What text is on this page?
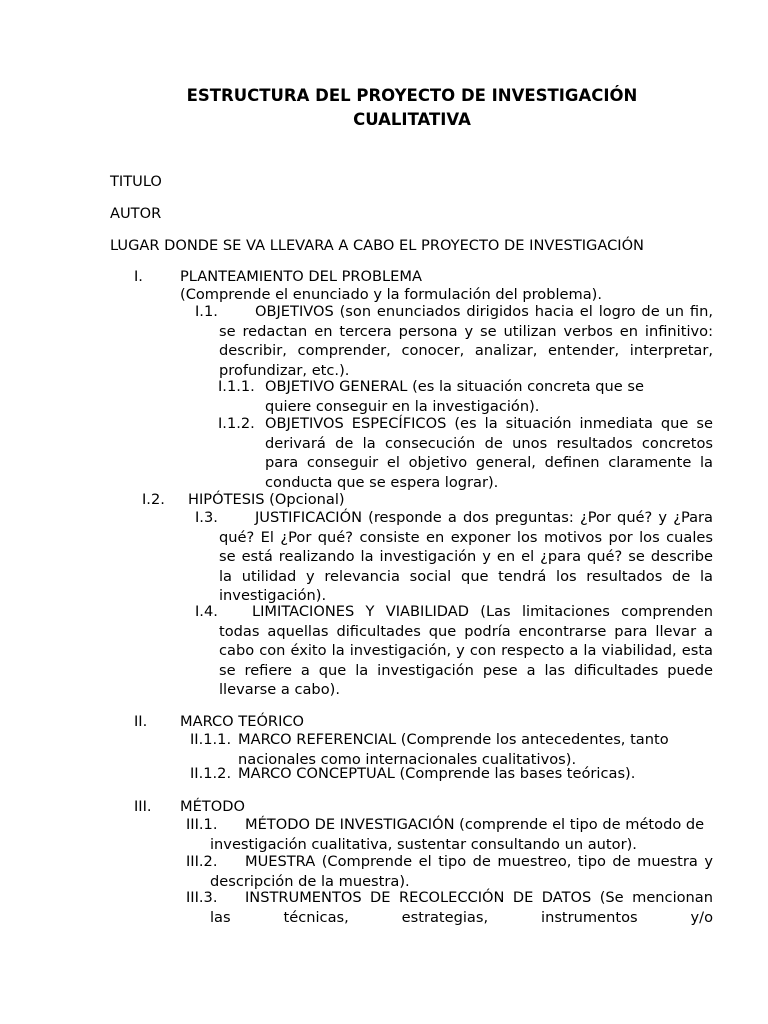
ESTRUCTURA DEL PROYECTO DE INVESTIGACIÓN
CUALITATIVA
TITULO
AUTOR
LUGAR DONDE SE VA LLEVARA A CABO EL PROYECTO DE INVESTIGACIÓN
I.	PLANTEAMIENTO DEL PROBLEMA
(Comprende el enunciado y la formulación del problema).
I.1.	OBJETIVOS (son enunciados dirigidos hacia el logro de un fin, se redactan en tercera persona y se utilizan verbos en infinitivo: describir, comprender, conocer, analizar, entender, interpretar, profundizar, etc.).
I.1.1. OBJETIVO GENERAL (es la situación concreta que se quiere conseguir en la investigación).
I.1.2. OBJETIVOS ESPECÍFICOS (es la situación inmediata que se derivará de la consecución de unos resultados concretos para conseguir el objetivo general, definen claramente la conducta que se espera lograr).
I.2. HIPÓTESIS (Opcional)
I.3.	JUSTIFICACIÓN (responde a dos preguntas: ¿Por qué? y ¿Para qué? El ¿Por qué? consiste en exponer los motivos por los cuales se está realizando la investigación y en el ¿para qué? se describe la utilidad y relevancia social que tendrá los resultados de la investigación).
I.4.	LIMITACIONES Y VIABILIDAD (Las limitaciones comprenden todas aquellas dificultades que podría encontrarse para llevar a cabo con éxito la investigación, y con respecto a la viabilidad, esta se refiere a que la investigación pese a las dificultades puede llevarse a cabo).
II. MARCO TEÓRICO
II.1.1. MARCO REFERENCIAL (Comprende los antecedentes, tanto nacionales como internacionales cualitativos).
II.1.2. MARCO CONCEPTUAL (Comprende las bases teóricas).
III. MÉTODO
III.1.	MÉTODO DE INVESTIGACIÓN (comprende el tipo de método de investigación cualitativa, sustentar consultando un autor).
III.2.	MUESTRA (Comprende el tipo de muestreo, tipo de muestra y descripción de la muestra).
III.3.	INSTRUMENTOS DE RECOLECCIÓN DE DATOS (Se mencionan las técnicas, estrategias, instrumentos y/o
